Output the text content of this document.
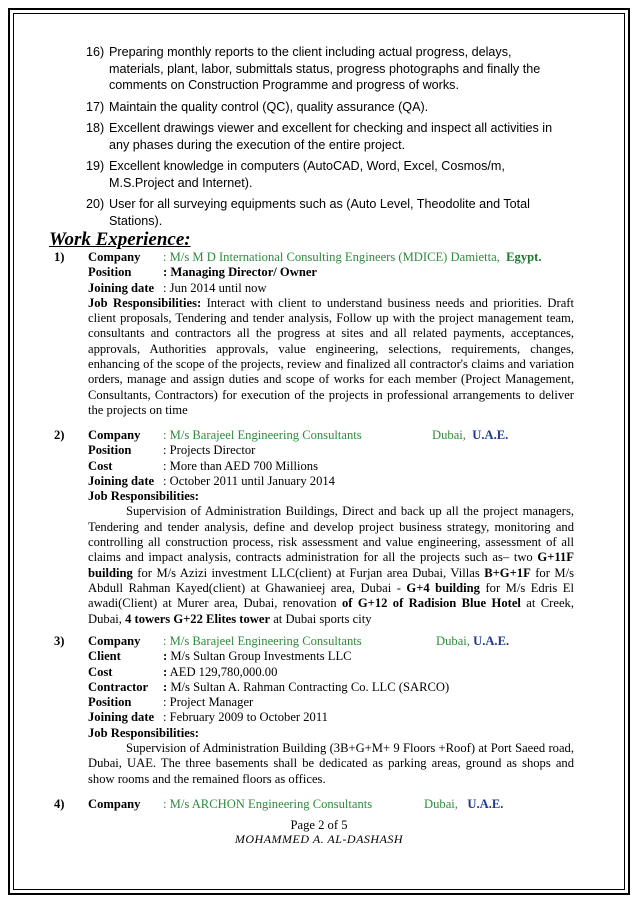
16) Preparing monthly reports to the client including actual progress, delays, materials, plant, labor, submittals status, progress photographs and finally the comments on Construction Programme and progress of works.
17) Maintain the quality control (QC), quality assurance (QA).
18) Excellent drawings viewer and excellent for checking and inspect all activities in any phases during the execution of the entire project.
19) Excellent knowledge in computers (AutoCAD, Word, Excel, Cosmos/m, M.S.Project and Internet).
20) User for all surveying equipments such as (Auto Level, Theodolite and Total Stations).
Work Experience:
1) Company : M/s M D International Consulting Engineers (MDICE) Damietta, Egypt.
Position	: Managing Director/ Owner
Joining date : Jun 2014 until now
Job Responsibilities: Interact with client to understand business needs and priorities. Draft client proposals, Tendering and tender analysis, Follow up with the project management team, consultants and contractors all the progress at sites and all related payments, acceptances, approvals, Authorities approvals, value engineering, selections, requirements, changes, enhancing of the scope of the projects, review and finalized all contractor's claims and variation orders, manage and assign duties and scope of works for each member (Project Management, Consultants, Contractors) for execution of the projects in professional arrangements to deliver the projects on time
2) Company : M/s Barajeel Engineering Consultants	Dubai, U.A.E.
Position	: Projects Director
Cost	: More than AED 700 Millions
Joining date : October 2011 until January 2014
Job Responsibilities:
Supervision of Administration Buildings, Direct and back up all the project managers, Tendering and tender analysis, define and develop project business strategy, monitoring and controlling all construction process, risk assessment and value engineering, assessment of all claims and impact analysis, contracts administration for all the projects such as– two G+11F building for M/s Azizi investment LLC(client) at Furjan area Dubai, Villas B+G+1F for M/s Abdull Rahman Kayed(client) at Ghawanieej area, Dubai - G+4 building for M/s Edris El awadi(Client) at Murer area, Dubai, renovation of G+12 of Radision Blue Hotel at Creek, Dubai, 4 towers G+22 Elites tower at Dubai sports city
3) Company : M/s Barajeel Engineering Consultants	Dubai, U.A.E.
Client	: M/s Sultan Group Investments LLC
Cost	: AED 129,780,000.00
Contractor : M/s Sultan A. Rahman Contracting Co. LLC (SARCO)
Position	: Project Manager
Joining date : February 2009 to October 2011
Job Responsibilities:
Supervision of Administration Building (3B+G+M+ 9 Floors +Roof) at Port Saeed road, Dubai, UAE. The three basements shall be dedicated as parking areas, ground as shops and show rooms and the remained floors as offices.
4) Company : M/s ARCHON Engineering Consultants	Dubai, U.A.E.
Page 2 of 5
MOHAMMED A. AL-DASHASH
